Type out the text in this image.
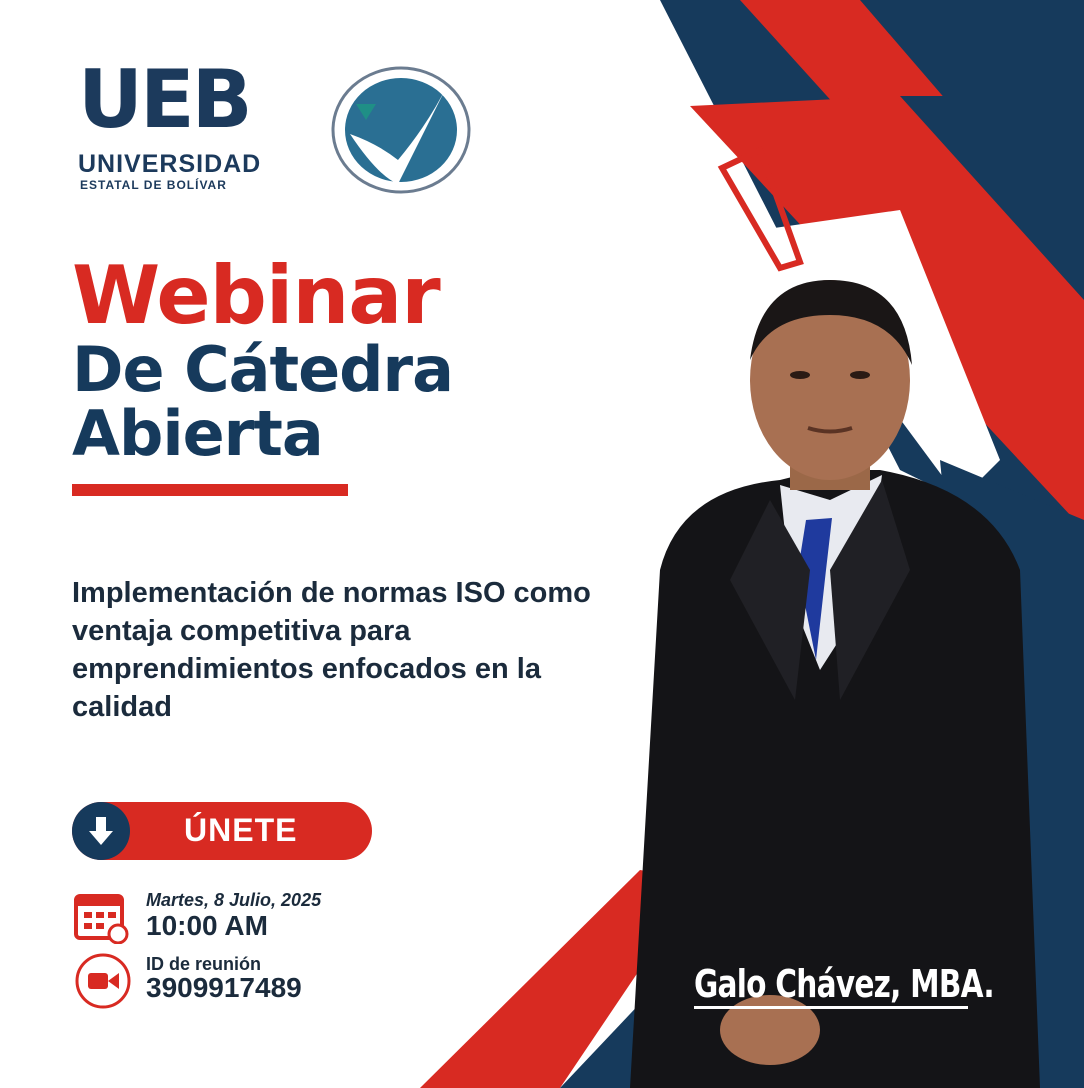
UEB
UNIVERSIDAD
ESTATAL DE BOLÍVAR
Webinar
De Cátedra
Abierta
Implementación de normas ISO como ventaja competitiva para emprendimientos enfocados en la calidad
ÚNETE
Martes, 8 Julio, 2025
10:00 AM
ID de reunión
3909917489	Galo Chávez, MBA.
